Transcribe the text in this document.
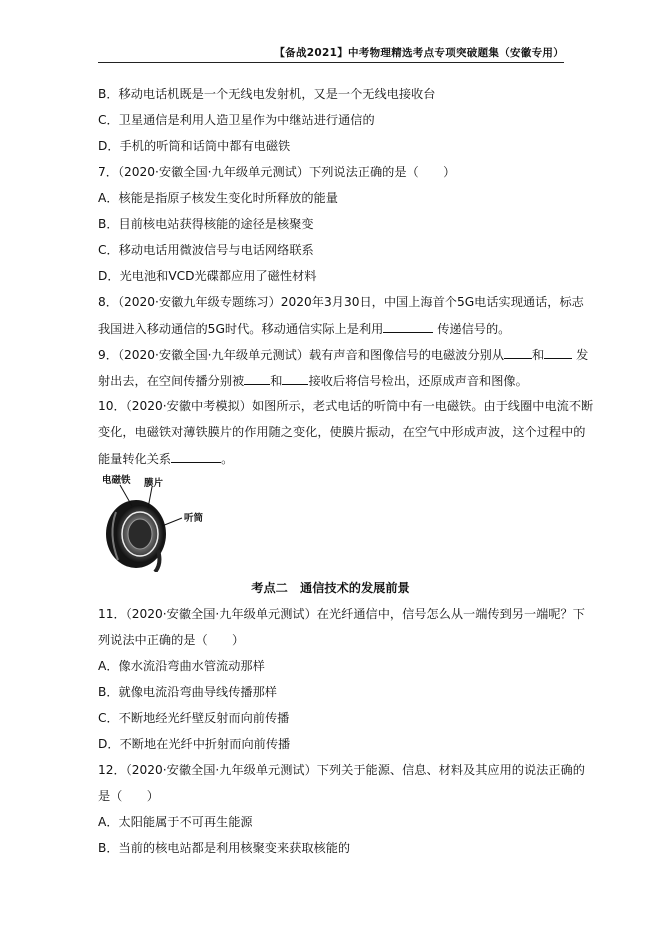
【备战2021】中考物理精选考点专项突破题集（安徽专用）
B．移动电话机既是一个无线电发射机，又是一个无线电接收台
C．卫星通信是利用人造卫星作为中继站进行通信的
D．手机的听筒和话筒中都有电磁铁
7．（2020·安徽全国·九年级单元测试）下列说法正确的是（　　）
A．核能是指原子核发生变化时所释放的能量
B．目前核电站获得核能的途径是核聚变
C．移动电话用微波信号与电话网络联系
D．光电池和VCD光碟都应用了磁性材料
8．（2020·安徽九年级专题练习）2020年3月30日，中国上海首个5G电话实现通话，标志
我国进入移动通信的5G时代。移动通信实际上是利用	传递信号的。
9．（2020·安徽全国·九年级单元测试）载有声音和图像信号的电磁波分别从 和	发
射出去，在空间传播分别被 和 接收后将信号检出，还原成声音和图像。
10．（2020·安徽中考模拟）如图所示，老式电话的听筒中有一电磁铁。由于线圈中电流不断
变化，电磁铁对薄铁膜片的作用随之变化，使膜片振动，在空气中形成声波，这个过程中的
能量转化关系	。
电磁铁 膜片
听筒
考点二　通信技术的发展前景
11．（2020·安徽全国·九年级单元测试）在光纤通信中，信号怎么从一端传到另一端呢？下
列说法中正确的是（　　）
A．像水流沿弯曲水管流动那样
B．就像电流沿弯曲导线传播那样
C．不断地经光纤壁反射而向前传播
D．不断地在光纤中折射而向前传播
12．（2020·安徽全国·九年级单元测试）下列关于能源、信息、材料及其应用的说法正确的
是（　　）
A．太阳能属于不可再生能源
B．当前的核电站都是利用核聚变来获取核能的
